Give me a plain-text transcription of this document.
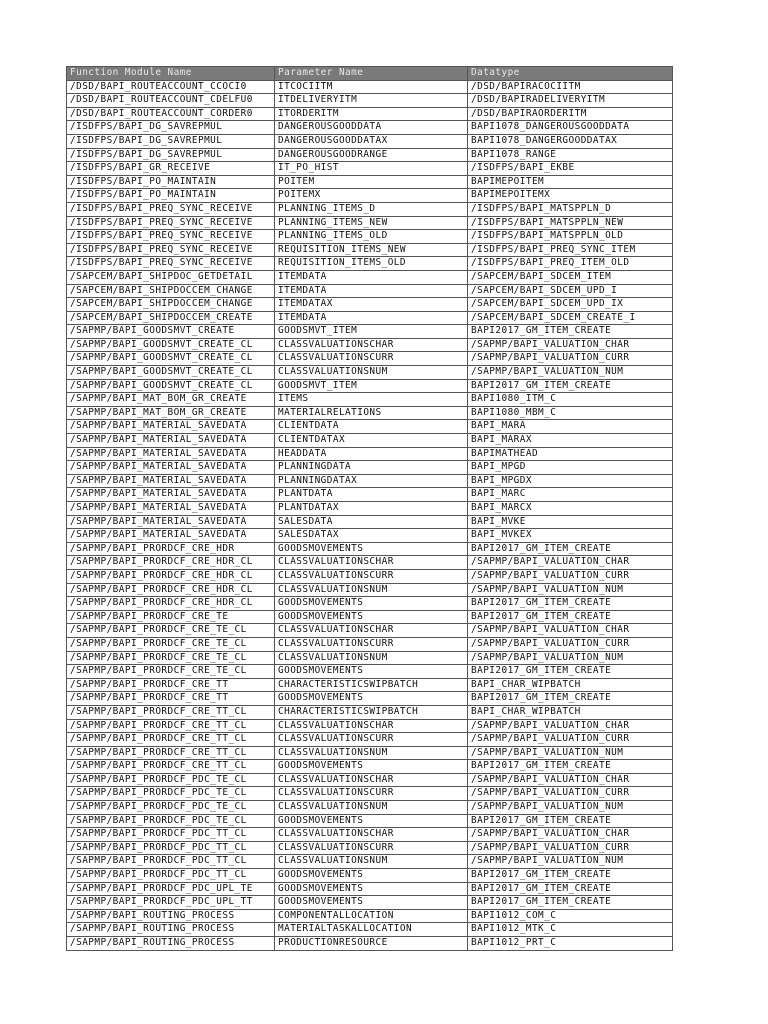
Function Module Name	Parameter Name	Datatype
/DSD/BAPI_ROUTEACCOUNT_CCOCI0	ITCOCIITM	/DSD/BAPIRACOCIITM
/DSD/BAPI_ROUTEACCOUNT_CDELFU0	ITDELIVERYITM	/DSD/BAPIRADELIVERYITM
/DSD/BAPI_ROUTEACCOUNT_CORDER0	ITORDERITM	/DSD/BAPIRAORDERITM
/ISDFPS/BAPI_DG_SAVREPMUL	DANGEROUSGOODDATA	BAPI1078_DANGEROUSGOODDATA
/ISDFPS/BAPI_DG_SAVREPMUL	DANGEROUSGOODDATAX	BAPI1078_DANGERGOODDATAX
/ISDFPS/BAPI_DG_SAVREPMUL	DANGEROUSGOODRANGE	BAPI1078_RANGE
/ISDFPS/BAPI_GR_RECEIVE	IT_PO_HIST	/ISDFPS/BAPI_EKBE
/ISDFPS/BAPI_PO_MAINTAIN	POITEM	BAPIMEPOITEM
/ISDFPS/BAPI_PO_MAINTAIN	POITEMX	BAPIMEPOITEMX
/ISDFPS/BAPI_PREQ_SYNC_RECEIVE	PLANNING_ITEMS_D	/ISDFPS/BAPI_MATSPPLN_D
/ISDFPS/BAPI_PREQ_SYNC_RECEIVE	PLANNING_ITEMS_NEW	/ISDFPS/BAPI_MATSPPLN_NEW
/ISDFPS/BAPI_PREQ_SYNC_RECEIVE	PLANNING_ITEMS_OLD	/ISDFPS/BAPI_MATSPPLN_OLD
/ISDFPS/BAPI_PREQ_SYNC_RECEIVE	REQUISITION_ITEMS_NEW	/ISDFPS/BAPI_PREQ_SYNC_ITEM
/ISDFPS/BAPI_PREQ_SYNC_RECEIVE	REQUISITION_ITEMS_OLD	/ISDFPS/BAPI_PREQ_ITEM_OLD
/SAPCEM/BAPI_SHIPDOC_GETDETAIL	ITEMDATA	/SAPCEM/BAPI_SDCEM_ITEM
/SAPCEM/BAPI_SHIPDOCCEM_CHANGE	ITEMDATA	/SAPCEM/BAPI_SDCEM_UPD_I
/SAPCEM/BAPI_SHIPDOCCEM_CHANGE	ITEMDATAX	/SAPCEM/BAPI_SDCEM_UPD_IX
/SAPCEM/BAPI_SHIPDOCCEM_CREATE	ITEMDATA	/SAPCEM/BAPI_SDCEM_CREATE_I
/SAPMP/BAPI_GOODSMVT_CREATE	GOODSMVT_ITEM	BAPI2017_GM_ITEM_CREATE
/SAPMP/BAPI_GOODSMVT_CREATE_CL	CLASSVALUATIONSCHAR	/SAPMP/BAPI_VALUATION_CHAR
/SAPMP/BAPI_GOODSMVT_CREATE_CL	CLASSVALUATIONSCURR	/SAPMP/BAPI_VALUATION_CURR
/SAPMP/BAPI_GOODSMVT_CREATE_CL	CLASSVALUATIONSNUM	/SAPMP/BAPI_VALUATION_NUM
/SAPMP/BAPI_GOODSMVT_CREATE_CL	GOODSMVT_ITEM	BAPI2017_GM_ITEM_CREATE
/SAPMP/BAPI_MAT_BOM_GR_CREATE	ITEMS	BAPI1080_ITM_C
/SAPMP/BAPI_MAT_BOM_GR_CREATE	MATERIALRELATIONS	BAPI1080_MBM_C
/SAPMP/BAPI_MATERIAL_SAVEDATA	CLIENTDATA	BAPI_MARA
/SAPMP/BAPI_MATERIAL_SAVEDATA	CLIENTDATAX	BAPI_MARAX
/SAPMP/BAPI_MATERIAL_SAVEDATA	HEADDATA	BAPIMATHEAD
/SAPMP/BAPI_MATERIAL_SAVEDATA	PLANNINGDATA	BAPI_MPGD
/SAPMP/BAPI_MATERIAL_SAVEDATA	PLANNINGDATAX	BAPI_MPGDX
/SAPMP/BAPI_MATERIAL_SAVEDATA	PLANTDATA	BAPI_MARC
/SAPMP/BAPI_MATERIAL_SAVEDATA	PLANTDATAX	BAPI_MARCX
/SAPMP/BAPI_MATERIAL_SAVEDATA	SALESDATA	BAPI_MVKE
/SAPMP/BAPI_MATERIAL_SAVEDATA	SALESDATAX	BAPI_MVKEX
/SAPMP/BAPI_PRORDCF_CRE_HDR	GOODSMOVEMENTS	BAPI2017_GM_ITEM_CREATE
/SAPMP/BAPI_PRORDCF_CRE_HDR_CL	CLASSVALUATIONSCHAR	/SAPMP/BAPI_VALUATION_CHAR
/SAPMP/BAPI_PRORDCF_CRE_HDR_CL	CLASSVALUATIONSCURR	/SAPMP/BAPI_VALUATION_CURR
/SAPMP/BAPI_PRORDCF_CRE_HDR_CL	CLASSVALUATIONSNUM	/SAPMP/BAPI_VALUATION_NUM
/SAPMP/BAPI_PRORDCF_CRE_HDR_CL	GOODSMOVEMENTS	BAPI2017_GM_ITEM_CREATE
/SAPMP/BAPI_PRORDCF_CRE_TE	GOODSMOVEMENTS	BAPI2017_GM_ITEM_CREATE
/SAPMP/BAPI_PRORDCF_CRE_TE_CL	CLASSVALUATIONSCHAR	/SAPMP/BAPI_VALUATION_CHAR
/SAPMP/BAPI_PRORDCF_CRE_TE_CL	CLASSVALUATIONSCURR	/SAPMP/BAPI_VALUATION_CURR
/SAPMP/BAPI_PRORDCF_CRE_TE_CL	CLASSVALUATIONSNUM	/SAPMP/BAPI_VALUATION_NUM
/SAPMP/BAPI_PRORDCF_CRE_TE_CL	GOODSMOVEMENTS	BAPI2017_GM_ITEM_CREATE
/SAPMP/BAPI_PRORDCF_CRE_TT	CHARACTERISTICSWIPBATCH	BAPI_CHAR_WIPBATCH
/SAPMP/BAPI_PRORDCF_CRE_TT	GOODSMOVEMENTS	BAPI2017_GM_ITEM_CREATE
/SAPMP/BAPI_PRORDCF_CRE_TT_CL	CHARACTERISTICSWIPBATCH	BAPI_CHAR_WIPBATCH
/SAPMP/BAPI_PRORDCF_CRE_TT_CL	CLASSVALUATIONSCHAR	/SAPMP/BAPI_VALUATION_CHAR
/SAPMP/BAPI_PRORDCF_CRE_TT_CL	CLASSVALUATIONSCURR	/SAPMP/BAPI_VALUATION_CURR
/SAPMP/BAPI_PRORDCF_CRE_TT_CL	CLASSVALUATIONSNUM	/SAPMP/BAPI_VALUATION_NUM
/SAPMP/BAPI_PRORDCF_CRE_TT_CL	GOODSMOVEMENTS	BAPI2017_GM_ITEM_CREATE
/SAPMP/BAPI_PRORDCF_PDC_TE_CL	CLASSVALUATIONSCHAR	/SAPMP/BAPI_VALUATION_CHAR
/SAPMP/BAPI_PRORDCF_PDC_TE_CL	CLASSVALUATIONSCURR	/SAPMP/BAPI_VALUATION_CURR
/SAPMP/BAPI_PRORDCF_PDC_TE_CL	CLASSVALUATIONSNUM	/SAPMP/BAPI_VALUATION_NUM
/SAPMP/BAPI_PRORDCF_PDC_TE_CL	GOODSMOVEMENTS	BAPI2017_GM_ITEM_CREATE
/SAPMP/BAPI_PRORDCF_PDC_TT_CL	CLASSVALUATIONSCHAR	/SAPMP/BAPI_VALUATION_CHAR
/SAPMP/BAPI_PRORDCF_PDC_TT_CL	CLASSVALUATIONSCURR	/SAPMP/BAPI_VALUATION_CURR
/SAPMP/BAPI_PRORDCF_PDC_TT_CL	CLASSVALUATIONSNUM	/SAPMP/BAPI_VALUATION_NUM
/SAPMP/BAPI_PRORDCF_PDC_TT_CL	GOODSMOVEMENTS	BAPI2017_GM_ITEM_CREATE
/SAPMP/BAPI_PRORDCF_PDC_UPL_TE	GOODSMOVEMENTS	BAPI2017_GM_ITEM_CREATE
/SAPMP/BAPI_PRORDCF_PDC_UPL_TT	GOODSMOVEMENTS	BAPI2017_GM_ITEM_CREATE
/SAPMP/BAPI_ROUTING_PROCESS	COMPONENTALLOCATION	BAPI1012_COM_C
/SAPMP/BAPI_ROUTING_PROCESS	MATERIALTASKALLOCATION	BAPI1012_MTK_C
/SAPMP/BAPI_ROUTING_PROCESS	PRODUCTIONRESOURCE	BAPI1012_PRT_C
